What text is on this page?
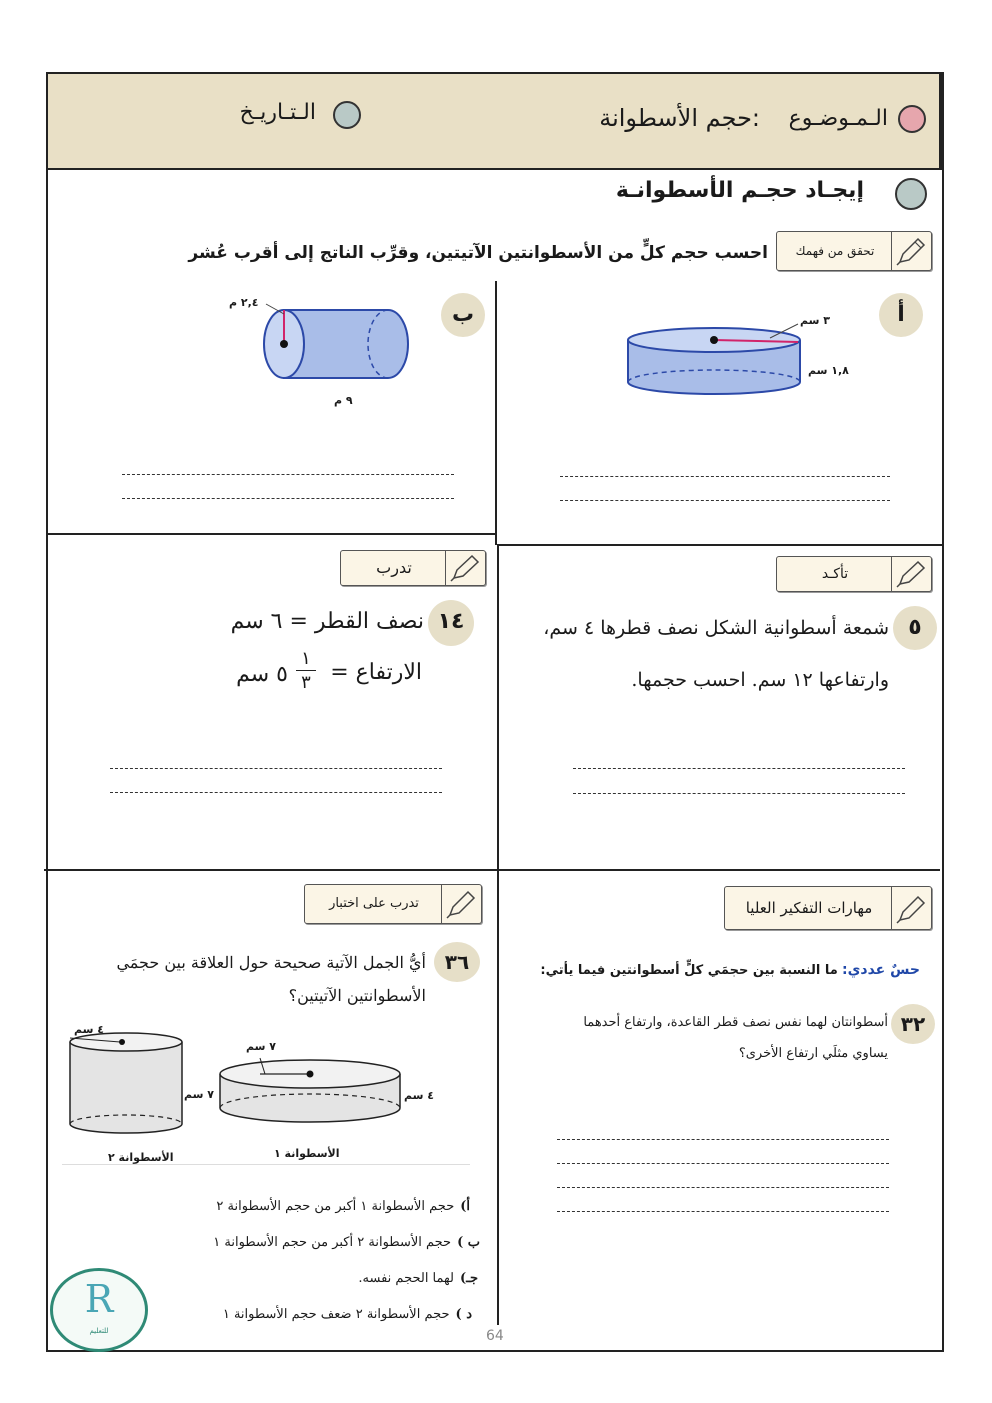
الـمـوضـوع
:حجم الأسطوانة
الـتـاريـخ
إيجـاد حجـم الأسطوانـة
تحقق من فهمك
احسب حجم كلٍّ من الأسطوانتين الآتيتين، وقرِّب الناتج إلى أقرب عُشر
أ
٣ سم
١,٨ سم
ب
٢,٤ م
٩ م
تأكـد
٥
شمعة أسطوانية الشكل نصف قطرها ٤ سم،
وارتفاعها ١٢ سم. احسب حجمها.
تدرب
١٤
نصف القطر = ٦ سم
الارتفاع =
١
٣
٥ سم
مهارات التفكير العليا
حسٌ عددي: ما النسبة بين حجمَي كلٍّ أسطوانتين فيما يأتي:
٣٢
أسطوانتان لهما نفس نصف قطر القاعدة، وارتفاع أحدهما
يساوي مثلَي ارتفاع الأخرى؟
تدرب على اختبار
٣٦
أيُّ الجمل الآتية صحيحة حول العلاقة بين حجمَي
الأسطوانتين الآتيتين؟
٤ سم
٧ سم
الأسطوانة ٢
٧ سم
٤ سم
الأسطوانة ١
أ)حجم الأسطوانة ١ أكبر من حجم الأسطوانة ٢
ب )حجم الأسطوانة ٢ أكبر من حجم الأسطوانة ١
جـ)لهما الحجم نفسه.
د )حجم الأسطوانة ٢ ضعف حجم الأسطوانة ١
R
للتعليم	64
